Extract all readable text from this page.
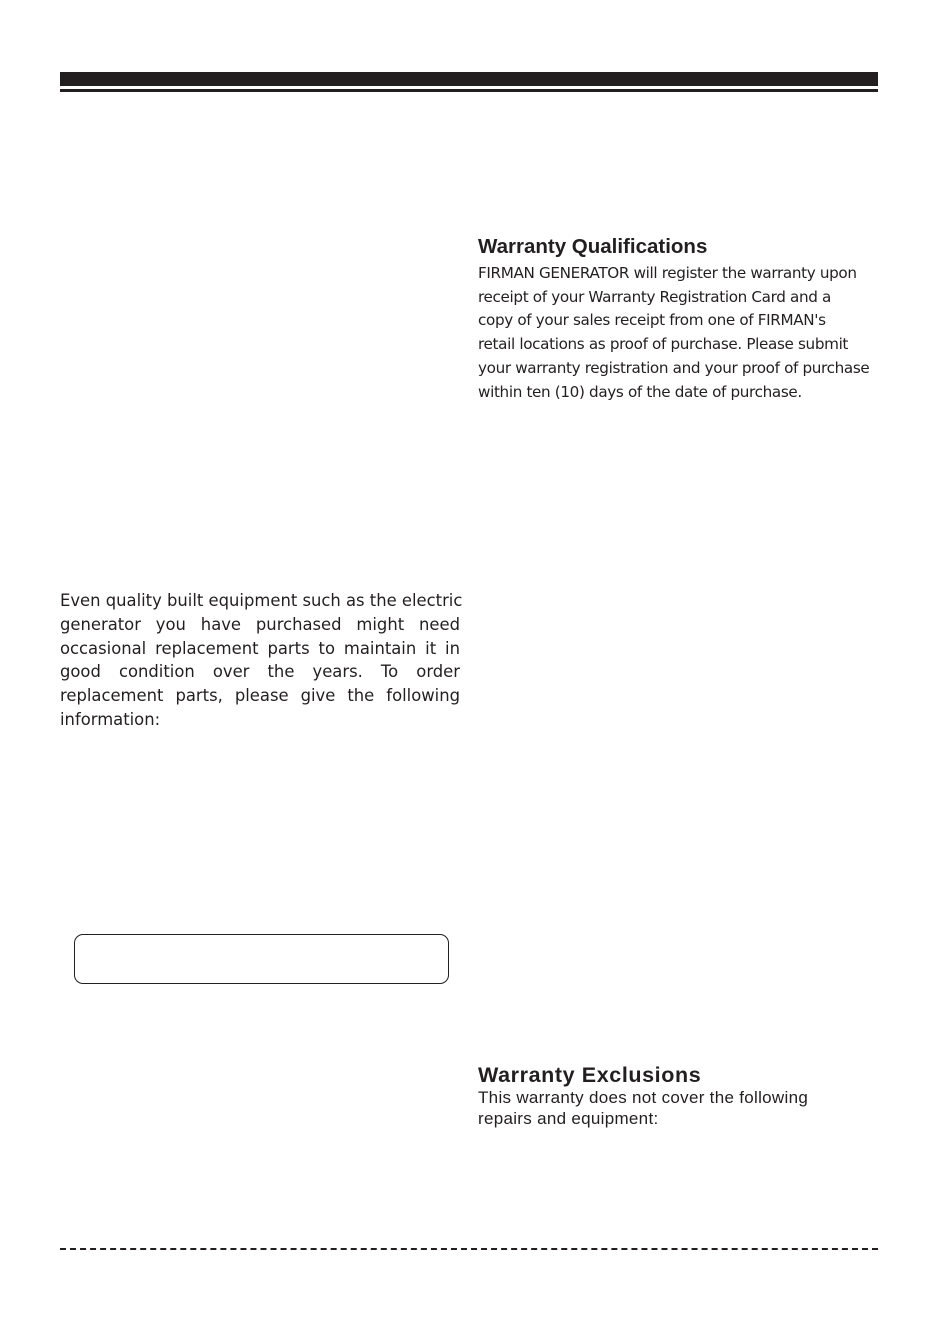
Warranty Qualifications
FIRMAN GENERATOR will register the warranty upon
receipt of your Warranty Registration Card and a
copy of your sales receipt from one of FIRMAN's
retail locations as proof of purchase. Please submit
your warranty registration and your proof of purchase
within ten (10) days of the date of purchase.
Even quality built equipment such as the electric
generator you have purchased might need
occasional replacement parts to maintain it in
good condition over the years. To order
replacement parts, please give the following
information:
Warranty Exclusions
This warranty does not cover the following
repairs and equipment:
